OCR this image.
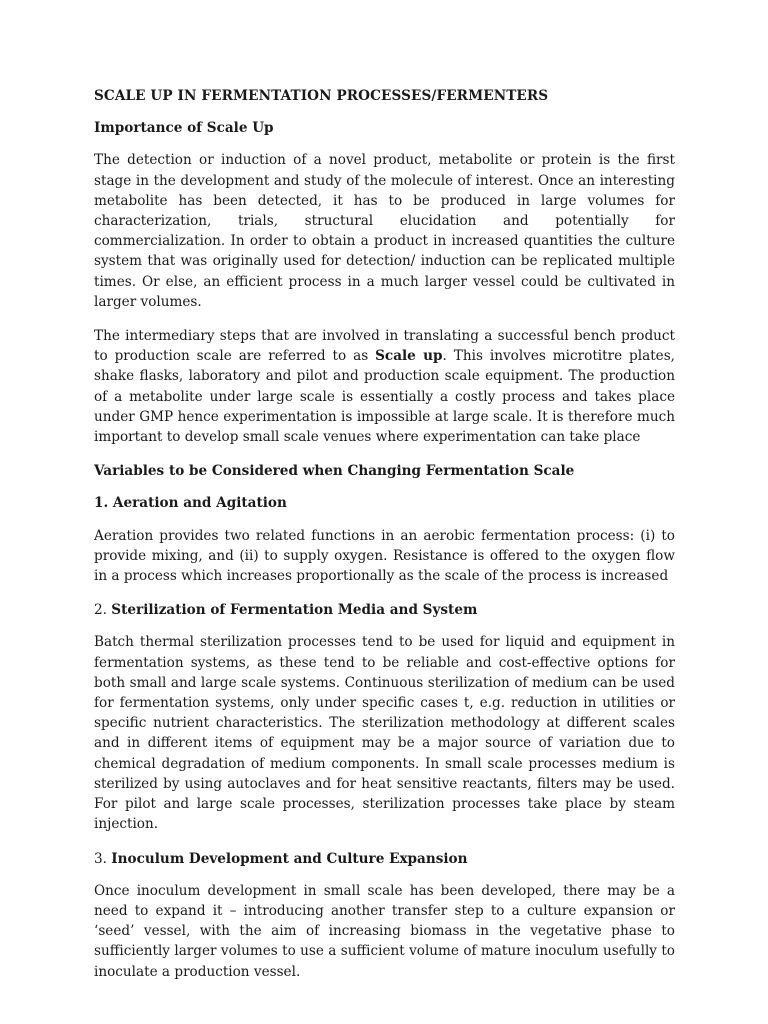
SCALE UP IN FERMENTATION PROCESSES/FERMENTERS
Importance of Scale Up

The detection or induction of a novel product, metabolite or protein is the first stage in the development and study of the molecule of interest. Once an interesting metabolite has been detected, it has to be produced in large volumes for characterization, trials, structural elucidation and potentially for commercialization. In order to obtain a product in increased quantities the culture system that was originally used for detection/ induction can be replicated multiple times. Or else, an efficient process in a much larger vessel could be cultivated in larger volumes.

The intermediary steps that are involved in translating a successful bench product to production scale are referred to as Scale up. This involves microtitre plates, shake flasks, laboratory and pilot and production scale equipment. The production of a metabolite under large scale is essentially a costly process and takes place under GMP hence experimentation is impossible at large scale. It is therefore much important to develop small scale venues where experimentation can take place

Variables to be Considered when Changing Fermentation Scale
1. Aeration and Agitation

Aeration provides two related functions in an aerobic fermentation process: (i) to provide mixing, and (ii) to supply oxygen. Resistance is offered to the oxygen flow in a process which increases proportionally as the scale of the process is increased

2. Sterilization of Fermentation Media and System

Batch thermal sterilization processes tend to be used for liquid and equipment in fermentation systems, as these tend to be reliable and cost-effective options for both small and large scale systems. Continuous sterilization of medium can be used for fermentation systems, only under specific cases t, e.g. reduction in utilities or specific nutrient characteristics. The sterilization methodology at different scales and in different items of equipment may be a major source of variation due to chemical degradation of medium components. In small scale processes medium is sterilized by using autoclaves and for heat sensitive reactants, filters may be used. For pilot and large scale processes, sterilization processes take place by steam injection.

3. Inoculum Development and Culture Expansion

Once inoculum development in small scale has been developed, there may be a need to expand it – introducing another transfer step to a culture expansion or ‘seed’ vessel, with the aim of increasing biomass in the vegetative phase to sufficiently larger volumes to use a sufficient volume of mature inoculum usefully to inoculate a production vessel.
